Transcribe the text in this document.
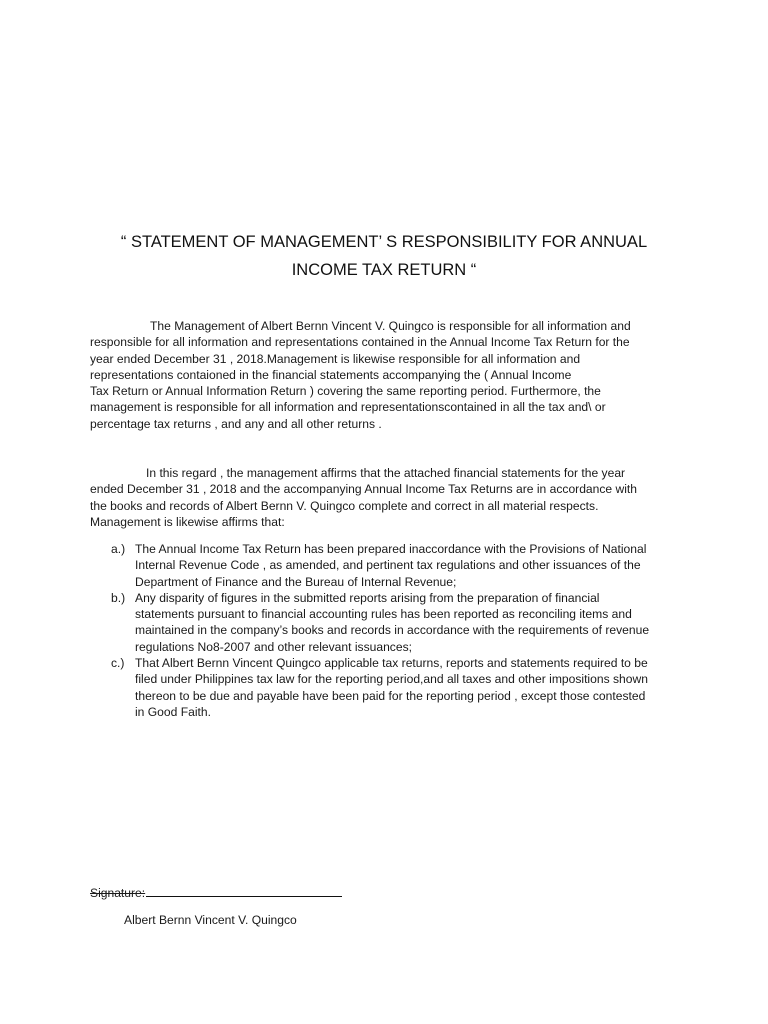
“ STATEMENT OF MANAGEMENT’ S RESPONSIBILITY FOR ANNUAL
INCOME TAX RETURN “
The Management of Albert Bernn Vincent V. Quingco is responsible for all information and
responsible for all information and representations contained in the Annual Income Tax Return for the
year ended December 31 , 2018.Management is likewise responsible for all information and
representations contaioned in the financial statements accompanying the ( Annual Income
Tax Return or Annual Information Return ) covering the same reporting period. Furthermore, the
management is responsible for all information and representationscontained in all the tax and\ or
percentage tax returns , and any and all other returns .
In this regard , the management affirms that the attached financial statements for the year
ended December 31 , 2018 and the accompanying Annual Income Tax Returns are in accordance with
the books and records of Albert Bernn V. Quingco complete and correct in all material respects.
Management is likewise affirms that:
a.) The Annual Income Tax Return has been prepared inaccordance with the Provisions of National
Internal Revenue Code , as amended, and pertinent tax regulations and other issuances of the
Department of Finance and the Bureau of Internal Revenue;
b.) Any disparity of figures in the submitted reports arising from the preparation of financial
statements pursuant to financial accounting rules has been reported as reconciling items and
maintained in the company’s books and records in accordance with the requirements of revenue
regulations No8-2007 and other relevant issuances;
c.) That Albert Bernn Vincent Quingco applicable tax returns, reports and statements required to be
filed under Philippines tax law for the reporting period,and all taxes and other impositions shown
thereon to be due and payable have been paid for the reporting period , except those contested
in Good Faith.
Signature:
Albert Bernn Vincent V. Quingco
